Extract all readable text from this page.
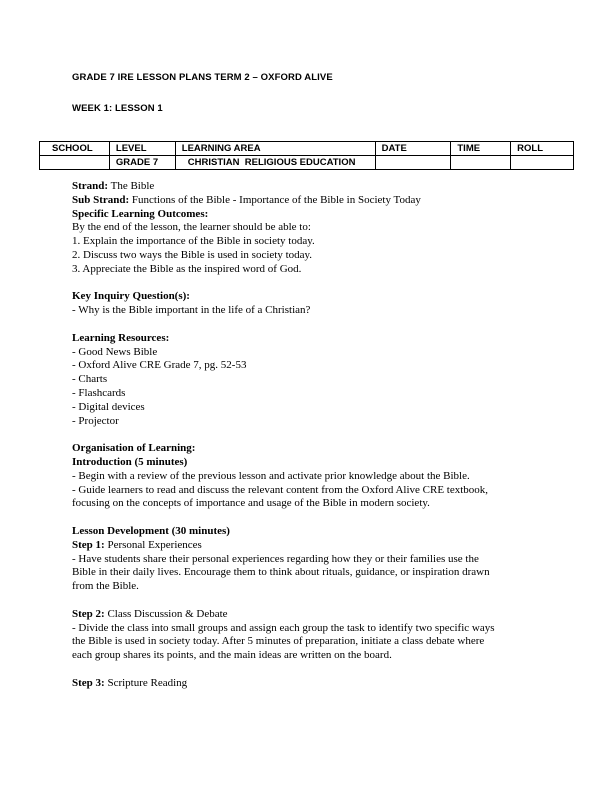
GRADE 7 IRE LESSON PLANS TERM 2 – OXFORD ALIVE
WEEK 1: LESSON 1
SCHOOL	LEVEL	LEARNING AREA	DATE	TIME	ROLL
	GRADE 7	CHRISTIAN  RELIGIOUS EDUCATION			
Strand: The Bible
Sub Strand: Functions of the Bible - Importance of the Bible in Society Today
Specific Learning Outcomes:
By the end of the lesson, the learner should be able to:
1. Explain the importance of the Bible in society today.
2. Discuss two ways the Bible is used in society today.
3. Appreciate the Bible as the inspired word of God.
Key Inquiry Question(s):
- Why is the Bible important in the life of a Christian?
Learning Resources:
- Good News Bible
- Oxford Alive CRE Grade 7, pg. 52-53
- Charts
- Flashcards
- Digital devices
- Projector
Organisation of Learning:
Introduction (5 minutes)
- Begin with a review of the previous lesson and activate prior knowledge about the Bible.
- Guide learners to read and discuss the relevant content from the Oxford Alive CRE textbook,
focusing on the concepts of importance and usage of the Bible in modern society.
Lesson Development (30 minutes)
Step 1: Personal Experiences
- Have students share their personal experiences regarding how they or their families use the
Bible in their daily lives. Encourage them to think about rituals, guidance, or inspiration drawn
from the Bible.
Step 2: Class Discussion & Debate
- Divide the class into small groups and assign each group the task to identify two specific ways
the Bible is used in society today. After 5 minutes of preparation, initiate a class debate where
each group shares its points, and the main ideas are written on the board.
Step 3: Scripture Reading
